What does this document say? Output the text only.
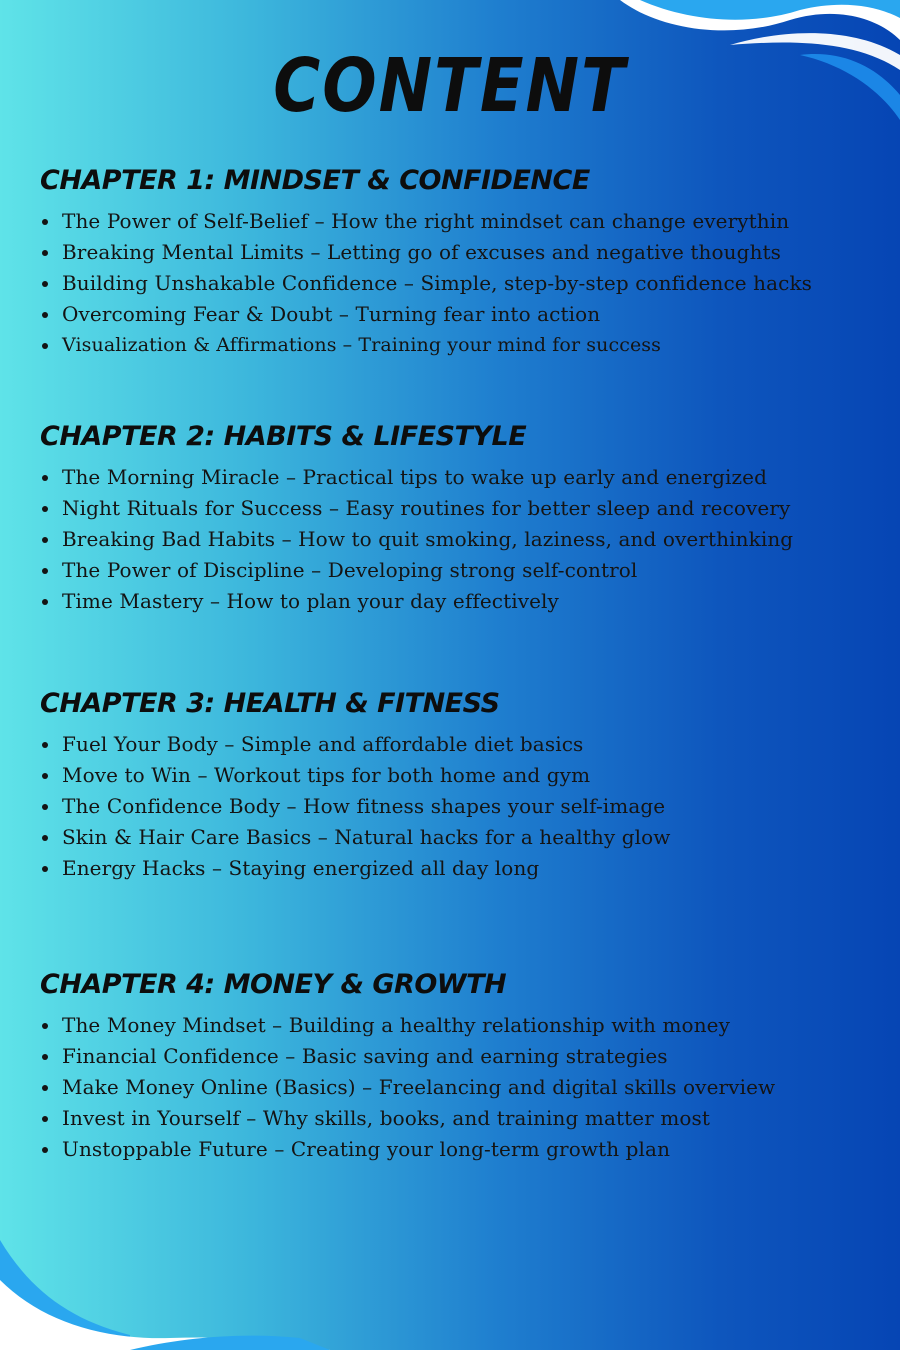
CONTENT
CHAPTER 1: MINDSET & CONFIDENCE
The Power of Self-Belief – How the right mindset can change everythin
Breaking Mental Limits – Letting go of excuses and negative thoughts
Building Unshakable Confidence – Simple, step-by-step confidence hacks
Overcoming Fear & Doubt – Turning fear into action
Visualization & Affirmations – Training your mind for success
CHAPTER 2: HABITS & LIFESTYLE
The Morning Miracle – Practical tips to wake up early and energized
Night Rituals for Success – Easy routines for better sleep and recovery
Breaking Bad Habits – How to quit smoking, laziness, and overthinking
The Power of Discipline – Developing strong self-control
Time Mastery – How to plan your day effectively
CHAPTER 3: HEALTH & FITNESS
Fuel Your Body – Simple and affordable diet basics
Move to Win – Workout tips for both home and gym
The Confidence Body – How fitness shapes your self-image
Skin & Hair Care Basics – Natural hacks for a healthy glow
Energy Hacks – Staying energized all day long
CHAPTER 4: MONEY & GROWTH
The Money Mindset – Building a healthy relationship with money
Financial Confidence – Basic saving and earning strategies
Make Money Online (Basics) – Freelancing and digital skills overview
Invest in Yourself – Why skills, books, and training matter most
Unstoppable Future – Creating your long-term growth plan
